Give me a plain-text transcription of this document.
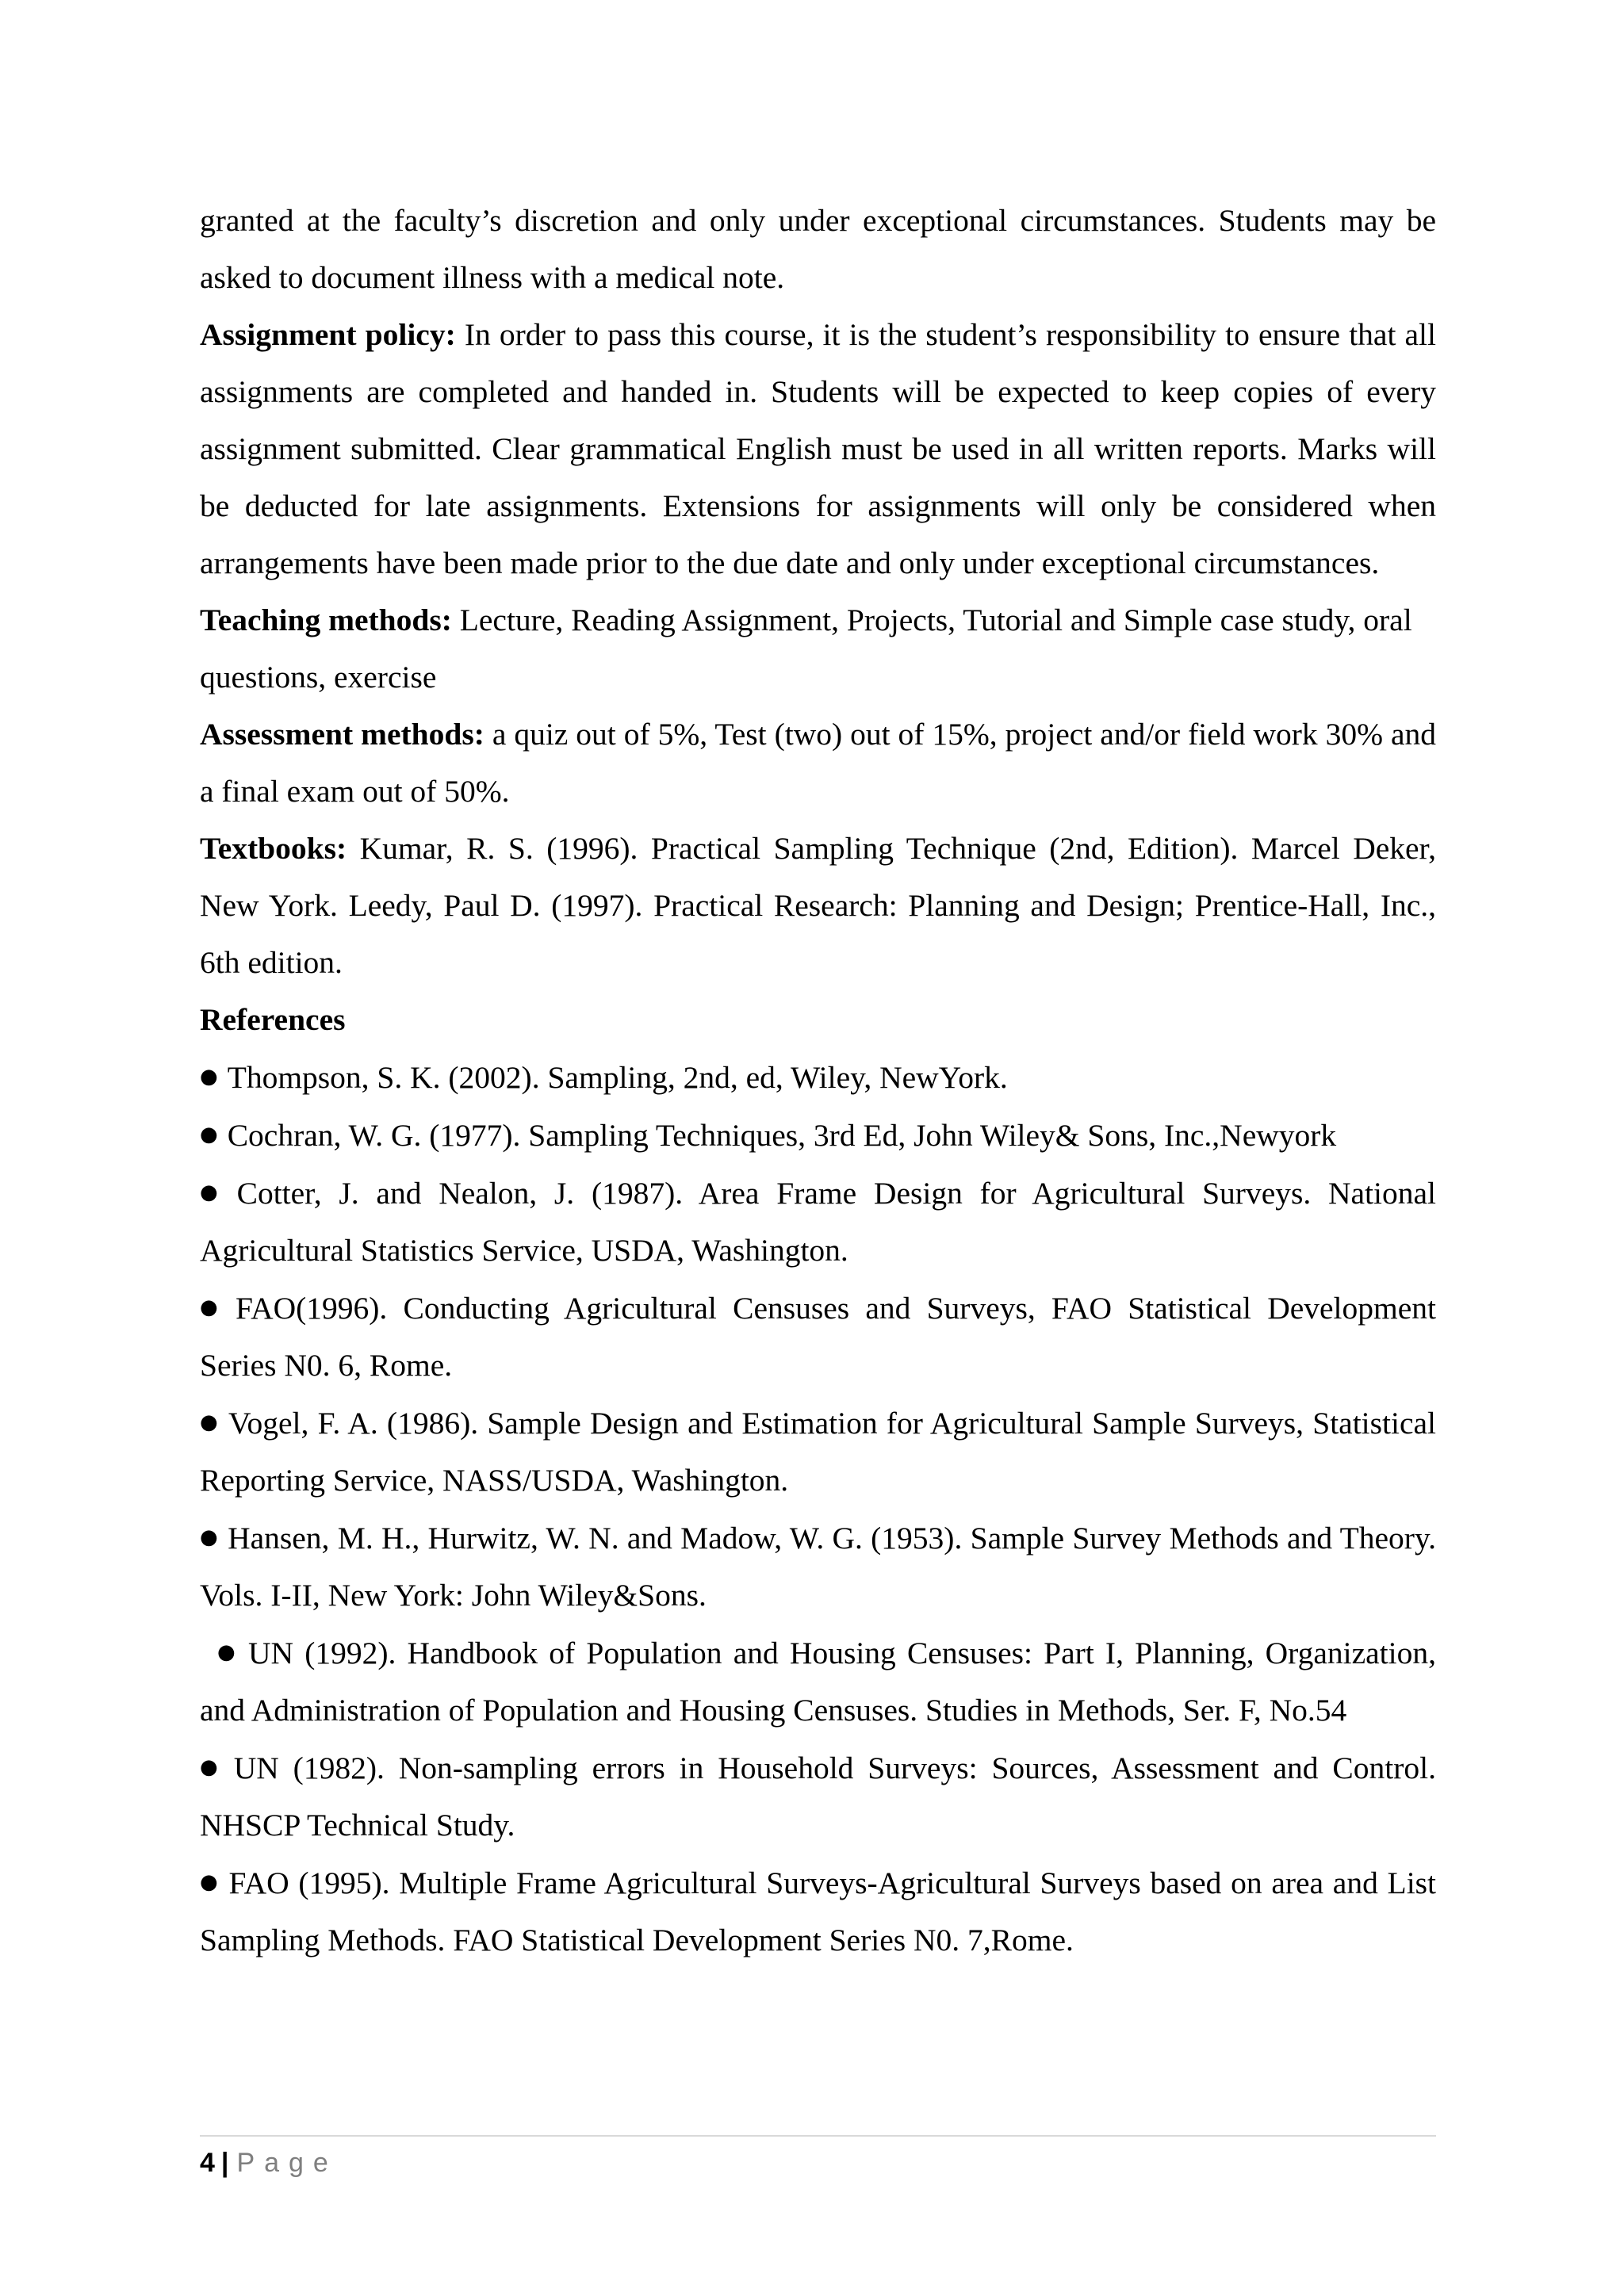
granted at the faculty’s discretion and only under exceptional circumstances. Students may be asked to document illness with a medical note.

Assignment policy: In order to pass this course, it is the student’s responsibility to ensure that all assignments are completed and handed in. Students will be expected to keep copies of every assignment submitted. Clear grammatical English must be used in all written reports. Marks will be deducted for late assignments. Extensions for assignments will only be considered when arrangements have been made prior to the due date and only under exceptional circumstances.

Teaching methods: Lecture, Reading Assignment, Projects, Tutorial and Simple case study, oral questions, exercise

Assessment methods: a quiz out of 5%, Test (two) out of 15%, project and/or field work 30% and a final exam out of 50%.

Textbooks: Kumar, R. S. (1996). Practical Sampling Technique (2nd, Edition). Marcel Deker, New York. Leedy, Paul D. (1997). Practical Research: Planning and Design; Prentice-Hall, Inc., 6th edition.

References

● Thompson, S. K. (2002). Sampling, 2nd, ed, Wiley, NewYork.

● Cochran, W. G. (1977). Sampling Techniques, 3rd Ed, John Wiley& Sons, Inc.,Newyork

● Cotter, J. and Nealon, J. (1987). Area Frame Design for Agricultural Surveys. National Agricultural Statistics Service, USDA, Washington.

● FAO(1996). Conducting Agricultural Censuses and Surveys, FAO Statistical Development Series N0. 6, Rome.

● Vogel, F. A. (1986). Sample Design and Estimation for Agricultural Sample Surveys, Statistical Reporting Service, NASS/USDA, Washington.

● Hansen, M. H., Hurwitz, W. N. and Madow, W. G. (1953). Sample Survey Methods and Theory. Vols. I-II, New York: John Wiley&Sons.

● UN (1992). Handbook of Population and Housing Censuses: Part I, Planning, Organization, and Administration of Population and Housing Censuses. Studies in Methods, Ser. F, No.54

● UN (1982). Non-sampling errors in Household Surveys: Sources, Assessment and Control. NHSCP Technical Study.

● FAO (1995). Multiple Frame Agricultural Surveys-Agricultural Surveys based on area and List Sampling Methods. FAO Statistical Development Series N0. 7,Rome.

4 | Page
